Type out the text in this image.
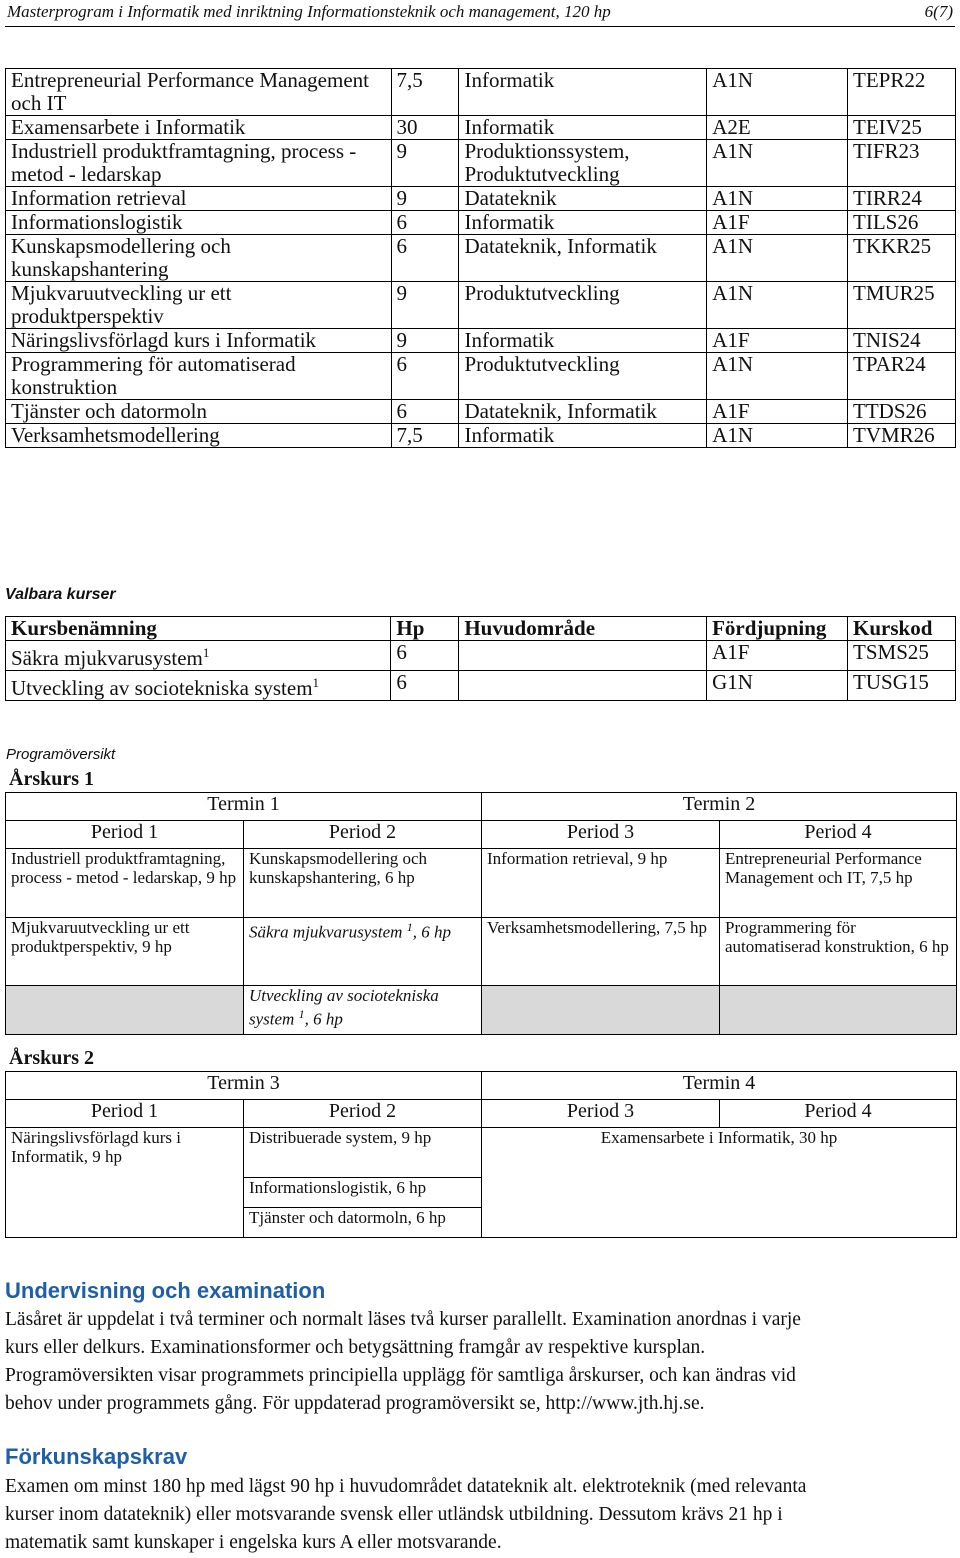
Masterprogram i Informatik med inriktning Informationsteknik och management, 120 hp	6(7)
Entrepreneurial Performance Management och IT	7,5	Informatik	A1N	TEPR22
Examensarbete i Informatik	30	Informatik	A2E	TEIV25
Industriell produktframtagning, process - metod - ledarskap	9	Produktionssystem, Produktutveckling	A1N	TIFR23
Information retrieval	9	Datateknik	A1N	TIRR24
Informationslogistik	6	Informatik	A1F	TILS26
Kunskapsmodellering och kunskapshantering	6	Datateknik, Informatik	A1N	TKKR25
Mjukvaruutveckling ur ett produktperspektiv	9	Produktutveckling	A1N	TMUR25
Näringslivsförlagd kurs i Informatik	9	Informatik	A1F	TNIS24
Programmering för automatiserad konstruktion	6	Produktutveckling	A1N	TPAR24
Tjänster och datormoln	6	Datateknik, Informatik	A1F	TTDS26
Verksamhetsmodellering	7,5	Informatik	A1N	TVMR26
Valbara kurser
Kursbenämning	Hp	Huvudområde	Fördjupning	Kurskod
Säkra mjukvarusystem$^1$	6		A1F	TSMS25
Utveckling av sociotekniska system$^1$	6		G1N	TUSG15
Programöversikt
Årskurs 1
Termin 1		Termin 2	
Period 1	Period 2	Period 3	Period 4
Industriell produktframtagning, process - metod - ledarskap, 9 hp	Kunskapsmodellering och kunskapshantering, 6 hp	Information retrieval, 9 hp	Entrepreneurial Performance Management och IT, 7,5 hp
Mjukvaruutveckling ur ett produktperspektiv, 9 hp	Säkra mjukvarusystem $^1$, 6 hp	Verksamhetsmodellering, 7,5 hp	Programmering för automatiserad konstruktion, 6 hp
	Utveckling av sociotekniska system $^1$, 6 hp		
Årskurs 2
Termin 3		Termin 4	
Period 1	Period 2	Period 3	Period 4
Näringslivsförlagd kurs i Informatik, 9 hp	Distribuerade system, 9 hp	Examensarbete i Informatik, 30 hp	
	Informationslogistik, 6 hp		
	Tjänster och datormoln, 6 hp		
Undervisning och examination
Läsåret är uppdelat i två terminer och normalt läses två kurser parallellt. Examination anordnas i varje
kurs eller delkurs. Examinationsformer och betygsättning framgår av respektive kursplan.
Programöversikten visar programmets principiella upplägg för samtliga årskurser, och kan ändras vid
behov under programmets gång. För uppdaterad programöversikt se, http://www.jth.hj.se.
Förkunskapskrav
Examen om minst 180 hp med lägst 90 hp i huvudområdet datateknik alt. elektroteknik (med relevanta
kurser inom datateknik) eller motsvarande svensk eller utländsk utbildning. Dessutom krävs 21 hp i
matematik samt kunskaper i engelska kurs A eller motsvarande.
